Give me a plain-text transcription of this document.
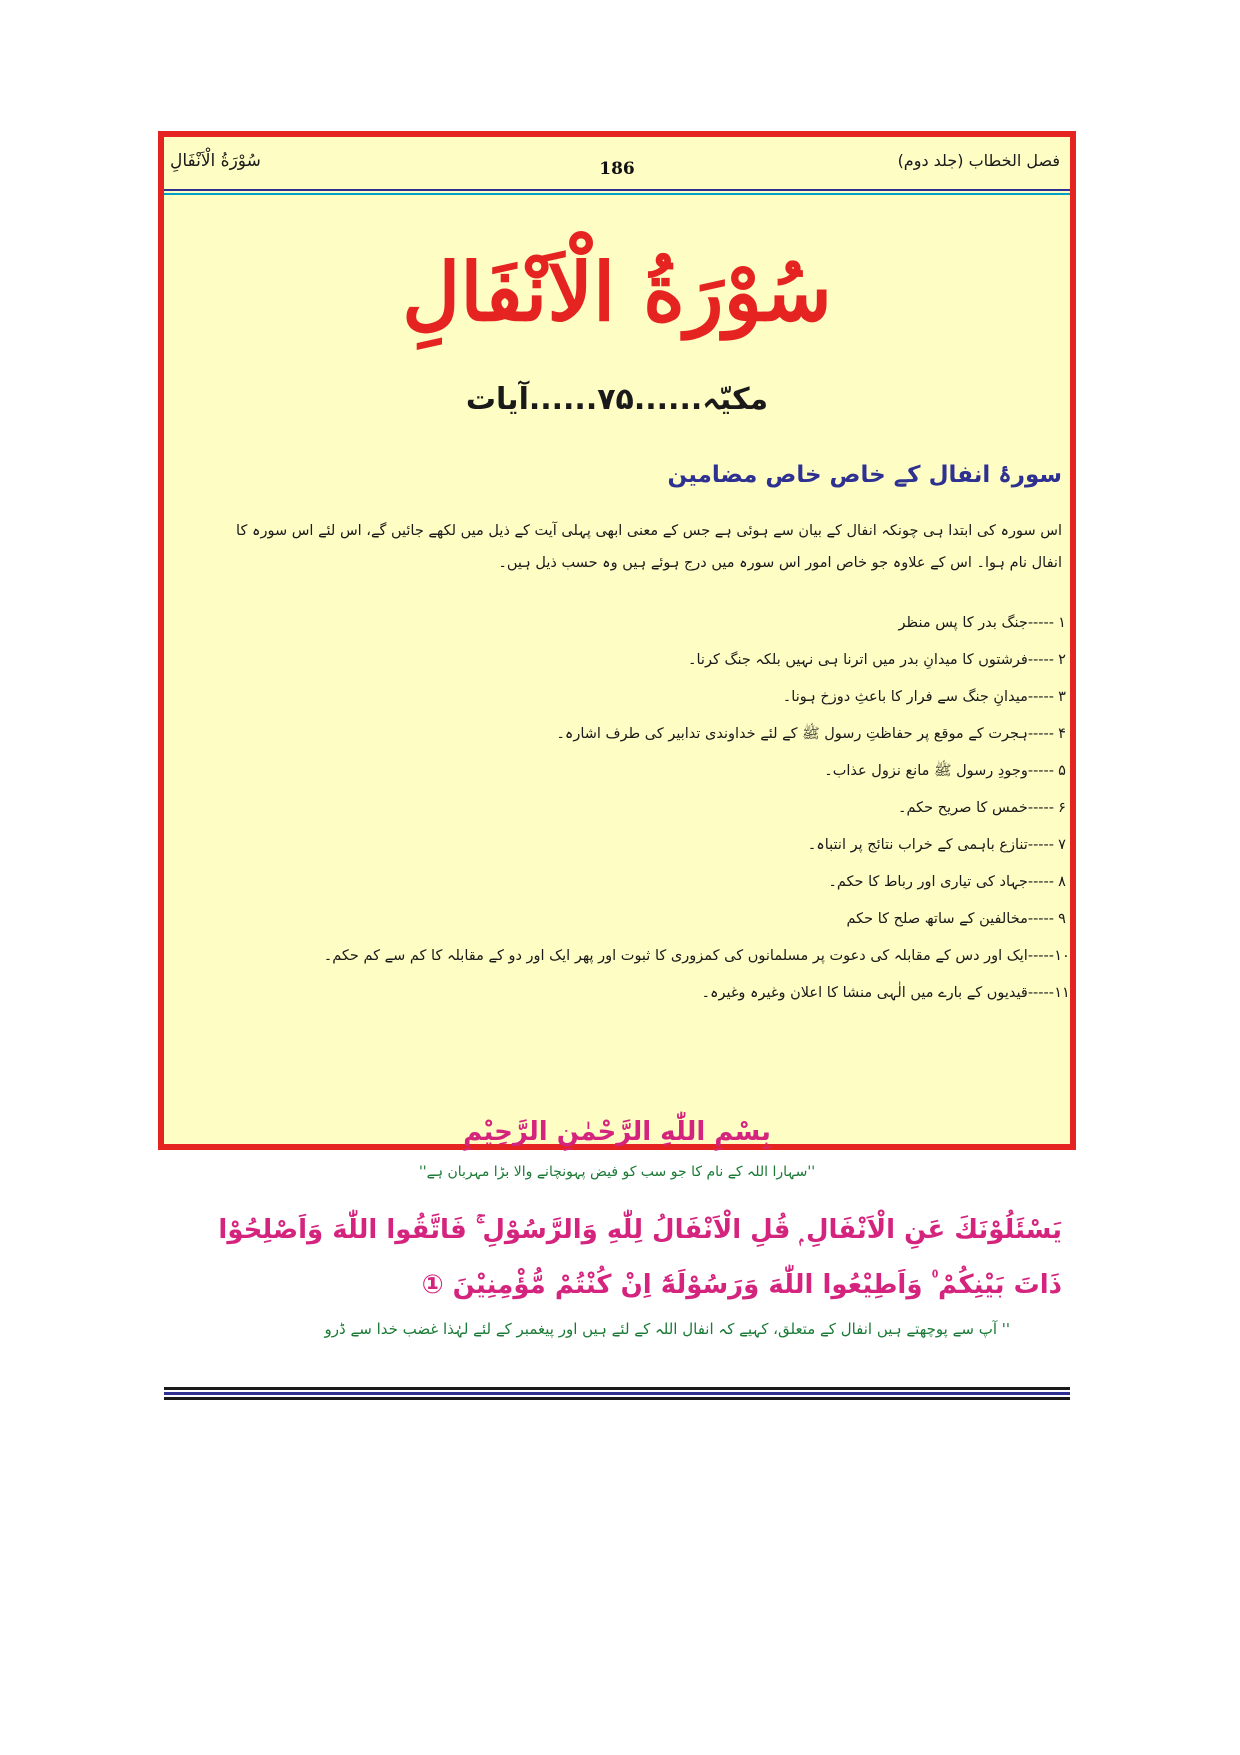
سُوْرَةُ الْاَنْفَالِ	186	فصل الخطاب (جلد دوم)
سُوْرَةُ الْاَنْفَالِ
مکیّہ......۷۵......آیات
سورۂ انفال کے خاص خاص مضامین
اس سورہ کی ابتدا ہی چونکہ انفال کے بیان سے ہوئی ہے جس کے معنی ابھی پہلی آیت کے ذیل میں لکھے جائیں گے، اس لئے اس سورہ کا
انفال نام ہوا۔ اس کے علاوہ جو خاص امور اس سورہ میں درج ہوئے ہیں وہ حسب ذیل ہیں۔
۱-----جنگ بدر کا پس منظر
۲-----فرشتوں کا میدانِ بدر میں اترنا ہی نہیں بلکہ جنگ کرنا۔
۳-----میدانِ جنگ سے فرار کا باعثِ دوزخ ہونا۔
۴-----ہجرت کے موقع پر حفاظتِ رسول ﷺ کے لئے خداوندی تدابیر کی طرف اشارہ۔
۵-----وجودِ رسول ﷺ مانع نزول عذاب۔
۶-----خمس کا صریح حکم۔
۷-----تنازع باہمی کے خراب نتائج پر انتباہ۔
۸-----جہاد کی تیاری اور رباط کا حکم۔
۹-----مخالفین کے ساتھ صلح کا حکم
۱۰-----ایک اور دس کے مقابلہ کی دعوت پر مسلمانوں کی کمزوری کا ثبوت اور پھر ایک اور دو کے مقابلہ کا کم سے کم حکم۔
۱۱-----قیدیوں کے بارے میں الٰہی منشا کا اعلان وغیرہ وغیرہ۔
بِسْمِ اللّٰهِ الرَّحْمٰنِ الرَّحِيْمِ
''سہارا اللہ کے نام کا جو سب کو فیض پہونچانے والا بڑا مہربان ہے''
يَسْئَلُوْنَكَ عَنِ الْاَنْفَالِ ۭ قُلِ الْاَنْفَالُ لِلّٰهِ وَالرَّسُوْلِ ۚ فَاتَّقُوا اللّٰهَ وَاَصْلِحُوْا
ذَاتَ بَيْنِكُمْ ۠ وَاَطِيْعُوا اللّٰهَ وَرَسُوْلَهٗٓ اِنْ كُنْتُمْ مُّؤْمِنِيْنَ ①
'' آپ سے پوچھتے ہیں انفال کے متعلق، کہیے کہ انفال اللہ کے لئے ہیں اور پیغمبر کے لئے لہٰذا غضب خدا سے ڈرو
